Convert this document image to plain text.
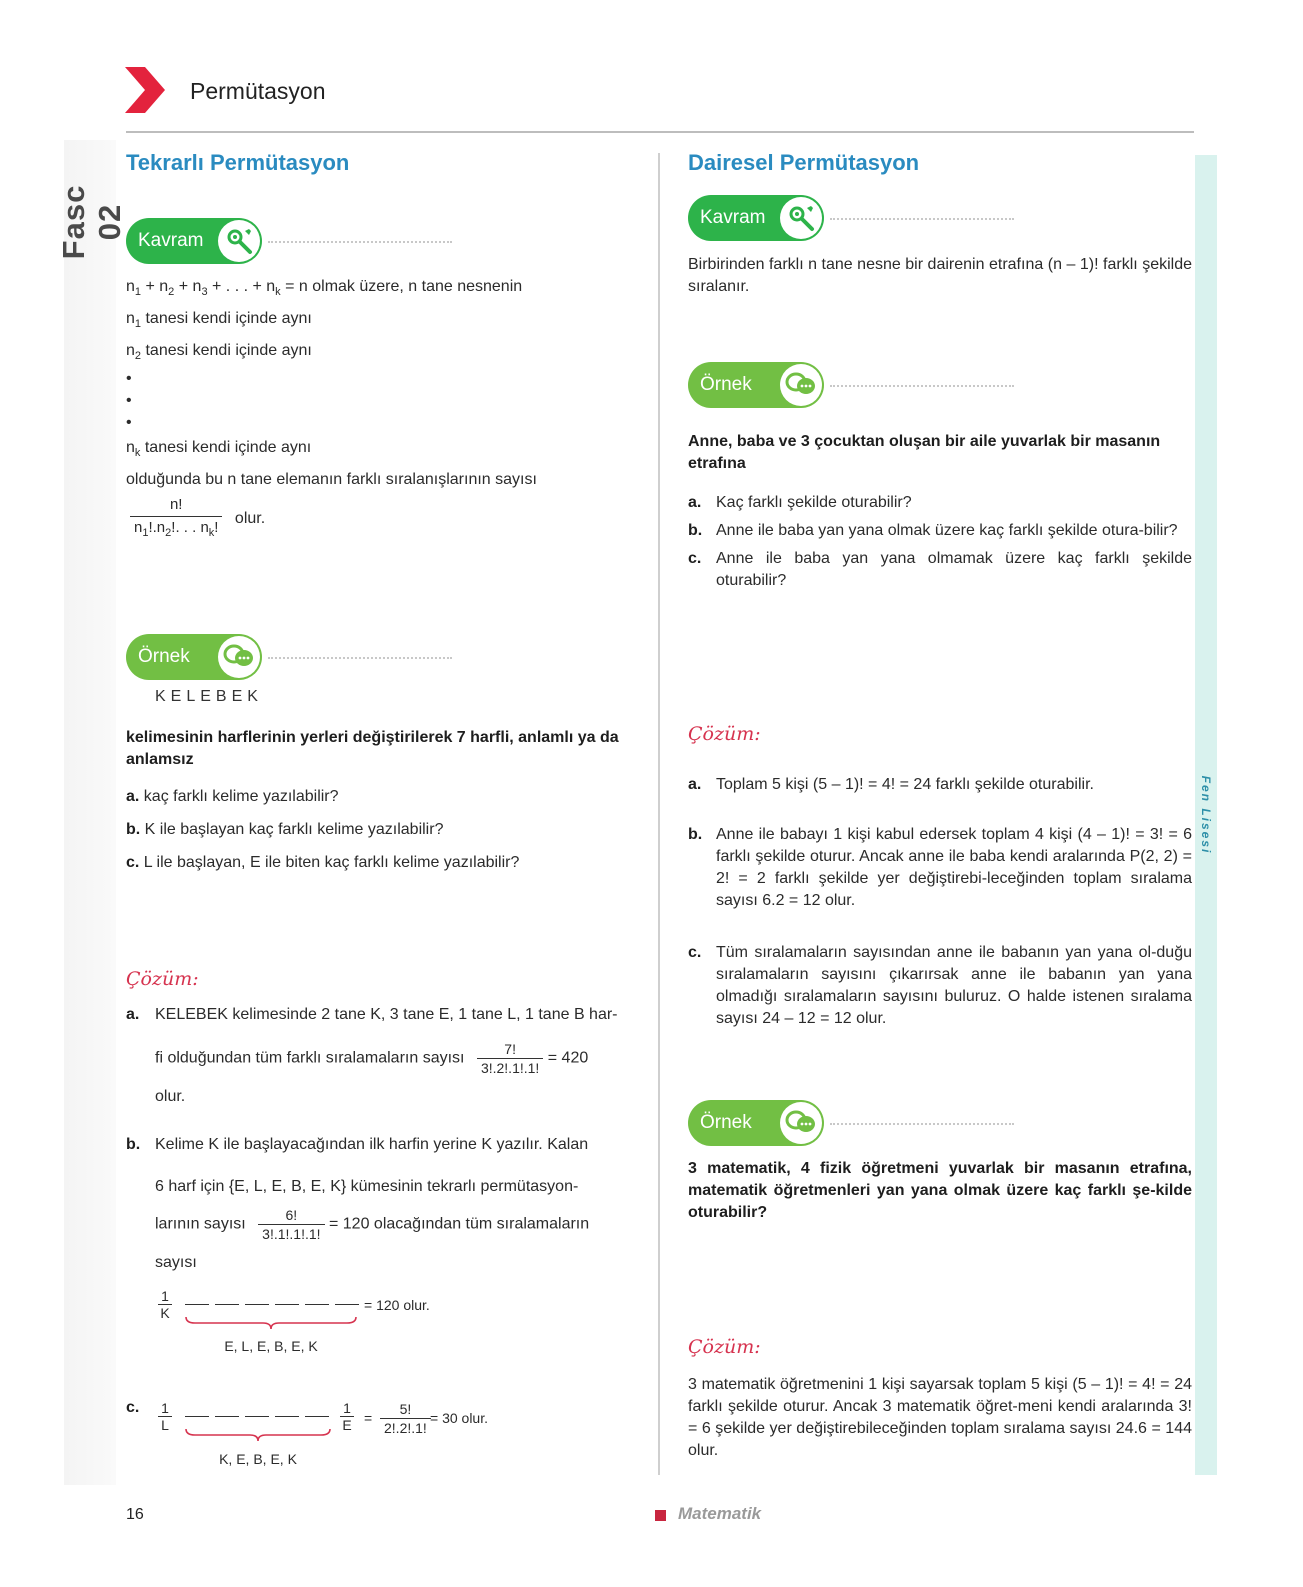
Permütasyon
Fasc 02
Fen Lisesi
Tekrarlı Permütasyon
Kavram
$n_1 + n_2 + n_3$ + . . . + $n_k = n$ olmak üzere, n tane nesnenin
$n_1$ tanesi kendi içinde aynı
$n_2$ tanesi kendi içinde aynı
•
•
•
$n_k$ tanesi kendi içinde aynı
olduğunda bu n tane elemanın farklı sıralanışlarının sayısı
$\frac{n!}{n_1!.n_2!. . . n_k!}$ olur.
Örnek
KELEBEK
kelimesinin harflerinin yerleri değiştirilerek 7 harfli, anlamlı ya da anlamsız
a. kaç farklı kelime yazılabilir?
b. K ile başlayan kaç farklı kelime yazılabilir?
c. L ile başlayan, E ile biten kaç farklı kelime yazılabilir?
Çözüm:
a. KELEBEK kelimesinde 2 tane K, 3 tane E, 1 tane L, 1 tane B har-
fi olduğundan tüm farklı sıralamaların sayısı $\frac{7!}{3!.2!.1!.1!} = 420$
olur.
b. Kelime K ile başlayacağından ilk harfin yerine K yazılır. Kalan
6 harf için {E, L, E, B, E, K} kümesinin tekrarlı permütasyon-
larının sayısı $\frac{6!}{3!.1!.1!.1!} = 120$ olacağından tüm sıralamaların
sayısı
1
K	= 120 olur.
E, L, E, B, E, K
c. 1
L
1
$E = \frac{5!}{2!.2!.1!} = 30$ olur.
K, E, B, E, K
Dairesel Permütasyon
Kavram
Birbirinden farklı n tane nesne bir dairenin etrafına (n – 1)! farklı şekilde sıralanır.
Örnek
Anne, baba ve 3 çocuktan oluşan bir aile yuvarlak bir masanın etrafına
a. Kaç farklı şekilde oturabilir?
b. Anne ile baba yan yana olmak üzere kaç farklı şekilde otura-bilir?
c. Anne ile baba yan yana olmamak üzere kaç farklı şekilde oturabilir?
Çözüm:
a. Toplam 5 kişi (5 – 1)! = 4! = 24 farklı şekilde oturabilir.
b. Anne ile babayı 1 kişi kabul edersek toplam 4 kişi (4 – 1)! = 3! = 6 farklı şekilde oturur. Ancak anne ile baba kendi aralarında P(2, 2) = 2! = 2 farklı şekilde yer değiştirebi-leceğinden toplam sıralama sayısı 6.2 = 12 olur.
c. Tüm sıralamaların sayısından anne ile babanın yan yana ol-duğu sıralamaların sayısını çıkarırsak anne ile babanın yan yana olmadığı sıralamaların sayısını buluruz. O halde istenen sıralama sayısı 24 – 12 = 12 olur.
Örnek
3 matematik, 4 fizik öğretmeni yuvarlak bir masanın etrafına, matematik öğretmenleri yan yana olmak üzere kaç farklı şe-kilde oturabilir?
Çözüm:
3 matematik öğretmenini 1 kişi sayarsak toplam 5 kişi (5 – 1)! = 4! = 24 farklı şekilde oturur. Ancak 3 matematik öğret-meni kendi aralarında 3! = 6 şekilde yer değiştirebileceğinden toplam sıralama sayısı 24.6 = 144 olur.
16	Matematik
